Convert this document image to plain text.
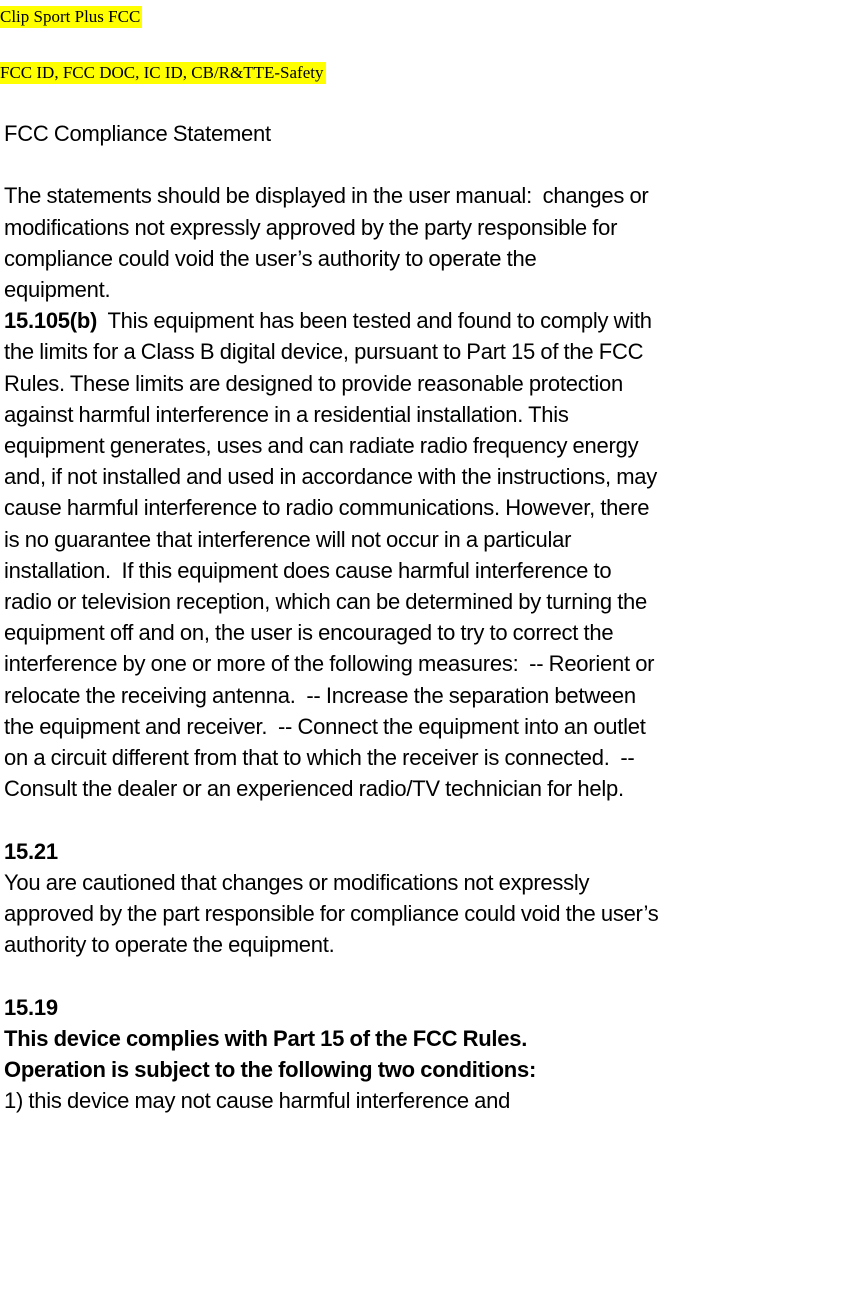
Clip Sport Plus FCC
FCC ID, FCC DOC, IC ID, CB/R&TTE-Safety

FCC Compliance Statement

The statements should be displayed in the user manual:  changes or

modifications not expressly approved by the party responsible for

compliance could void the user’s authority to operate the

equipment.

15.105(b)  This equipment has been tested and found to comply with

the limits for a Class B digital device, pursuant to Part 15 of the FCC

Rules. These limits are designed to provide reasonable protection

against harmful interference in a residential installation. This

equipment generates, uses and can radiate radio frequency energy

and, if not installed and used in accordance with the instructions, may

cause harmful interference to radio communications. However, there

is no guarantee that interference will not occur in a particular

installation.  If this equipment does cause harmful interference to

radio or television reception, which can be determined by turning the

equipment off and on, the user is encouraged to try to correct the

interference by one or more of the following measures:  -- Reorient or

relocate the receiving antenna.  -- Increase the separation between

the equipment and receiver.  -- Connect the equipment into an outlet

on a circuit different from that to which the receiver is connected.  --

Consult the dealer or an experienced radio/TV technician for help.

15.21

You are cautioned that changes or modifications not expressly

approved by the part responsible for compliance could void the user’s

authority to operate the equipment.

15.19

This device complies with Part 15 of the FCC Rules.

Operation is subject to the following two conditions:

1) this device may not cause harmful interference and
